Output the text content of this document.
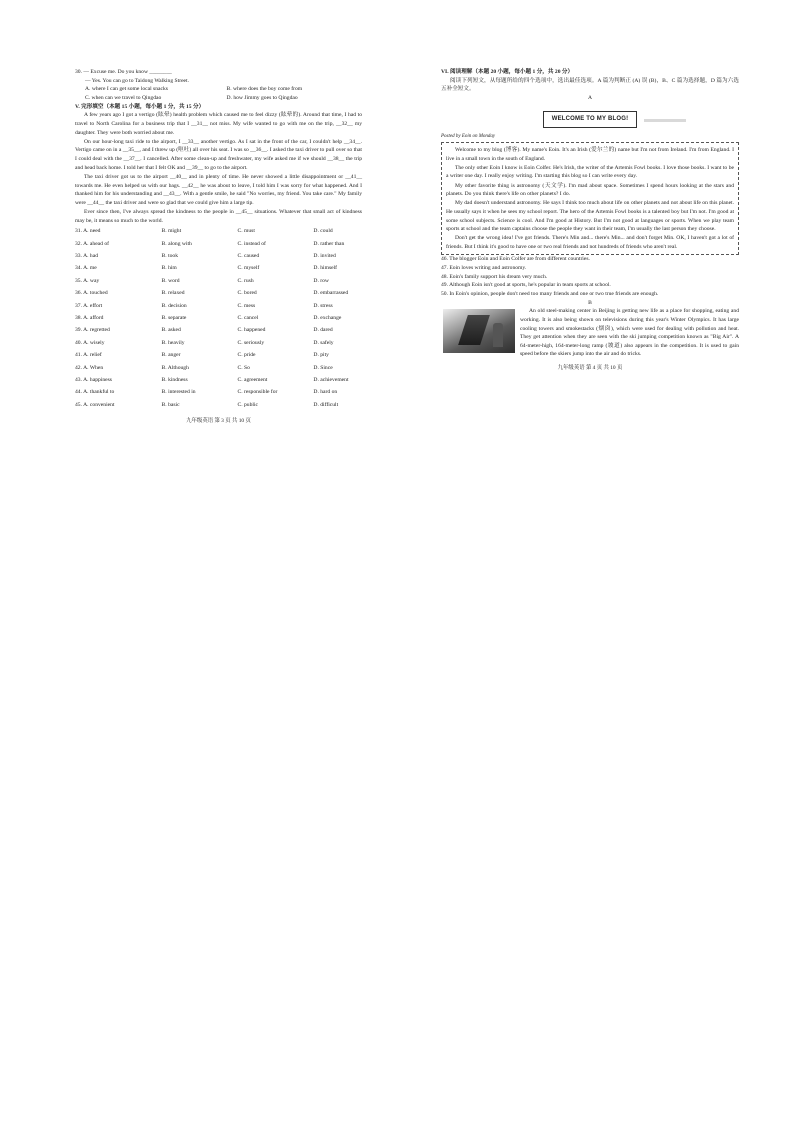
30. — Excuse me. Do you know ________

— Yes. You can go to Taidong Walking Street.

A. where I can get some local snacks	B. where does the boy come from
C. when can we travel to Qingdao	D. how Jimmy goes to Qingdao

V. 完形填空（本题 15 小题，每小题 1 分，共 15 分）

A few years ago I got a vertigo (眩晕) health problem which caused me to feel dizzy (眩晕的). Around that time, I had to travel to North Carolina for a business trip that I __31__ not miss. My wife wanted to go with me on the trip, __32__ my daughter. They were both worried about me.

On our hour-long taxi ride to the airport, I __33__ another vertigo. As I sat in the front of the car, I couldn't help __34__. Vertigo came on in a __35__, and I threw up (呕吐) all over his seat. I was so __36__. I asked the taxi driver to pull over so that I could deal with the __37__. I cancelled. After some clean-up and freshwater, my wife asked me if we should __38__ the trip and head back home. I told her that I felt OK and __39__ to go to the airport.

The taxi driver got us to the airport __40__ and in plenty of time. He never showed a little disappointment or __41__ towards me. He even helped us with our bags. __42__ he was about to leave, I told him I was sorry for what happened. And I thanked him for his understanding and __43__. With a gentle smile, he said "No worries, my friend. You take care." My family were __44__ the taxi driver and were so glad that we could give him a large tip.

Ever since then, I've always spread the kindness to the people in __45__ situations. Whatever that small act of kindness may be, it means so much to the world.

31. A. need	B. might	C. must	D. could
32. A. ahead of	B. along with	C. instead of	D. rather than
33. A. had	B. took	C. caused	D. invited
34. A. me	B. him	C. myself	D. himself
35. A. way	B. word	C. rush	D. row
36. A. touched	B. relaxed	C. bored	D. embarrassed
37. A. effort	B. decision	C. mess	D. stress
38. A. afford	B. separate	C. cancel	D. exchange
39. A. regretted	B. asked	C. happened	D. dared
40. A. wisely	B. heavily	C. seriously	D. safely
41. A. relief	B. anger	C. pride	D. pity
42. A. When	B. Although	C. So	D. Since
43. A. happiness	B. kindness	C. agreement	D. achievement
44. A. thankful to	B. interested in	C. responsible for	D. hard on
45. A. convenient	B. basic	C. public	D. difficult

九年级英语 第 3 页 共 10 页

VI. 阅读理解（本题 20 小题，每小题 1 分，共 20 分）

阅读下列短文，从每题所给的四个选项中，选出最佳选项。A 篇为判断正 (A) 误 (B)，B、C 篇为选择题，D 篇为六选五补全短文。

A

WELCOME TO MY BLOG!

Posted by Eoin on Monday

Welcome to my blog (博客). My name's Eoin. It's an Irish (爱尔兰的) name but I'm not from Ireland. I'm from England. I live in a small town in the south of England.

The only other Eoin I know is Eoin Colfer. He's Irish, the writer of the Artemis Fowl books. I love those books. I want to be a writer one day. I really enjoy writing. I'm starting this blog so I can write every day.

My other favorite thing is astronomy (天文学). I'm mad about space. Sometimes I spend hours looking at the stars and planets. Do you think there's life on other planets? I do.

My dad doesn't understand astronomy. He says I think too much about life on other planets and not about life on this planet. He usually says it when he sees my school report. The hero of the Artemis Fowl books is a talented boy but I'm not. I'm good at some school subjects. Science is cool. And I'm good at History. But I'm not good at languages or sports. When we play team sports at school and the team captains choose the people they want in their team, I'm usually the last person they choose.

Don't get the wrong idea! I've got friends. There's Min and... there's Min... and don't forget Min. OK, I haven't got a lot of friends. But I think it's good to have one or two real friends and not hundreds of friends who aren't real.

46. The blogger Eoin and Eoin Colfer are from different countries.

47. Eoin loves writing and astronomy.

48. Eoin's family support his dream very much.

49. Although Eoin isn't good at sports, he's popular in team sports at school.

50. In Eoin's opinion, people don't need too many friends and one or two true friends are enough.

B

An old steel-making center in Beijing is getting new life as a place for shopping, eating and working. It is also being shown on televisions during this year's Winter Olympics. It has large cooling towers and smokestacks (烟囱), which were used for dealing with pollution and heat. They get attention when they are seen with the ski jumping competition known as "Big Air". A 64-meter-high, 164-meter-long ramp (坡道) also appears in the competition. It is used to gain speed before the skiers jump into the air and do tricks.

九年级英语 第 4 页 共 10 页
